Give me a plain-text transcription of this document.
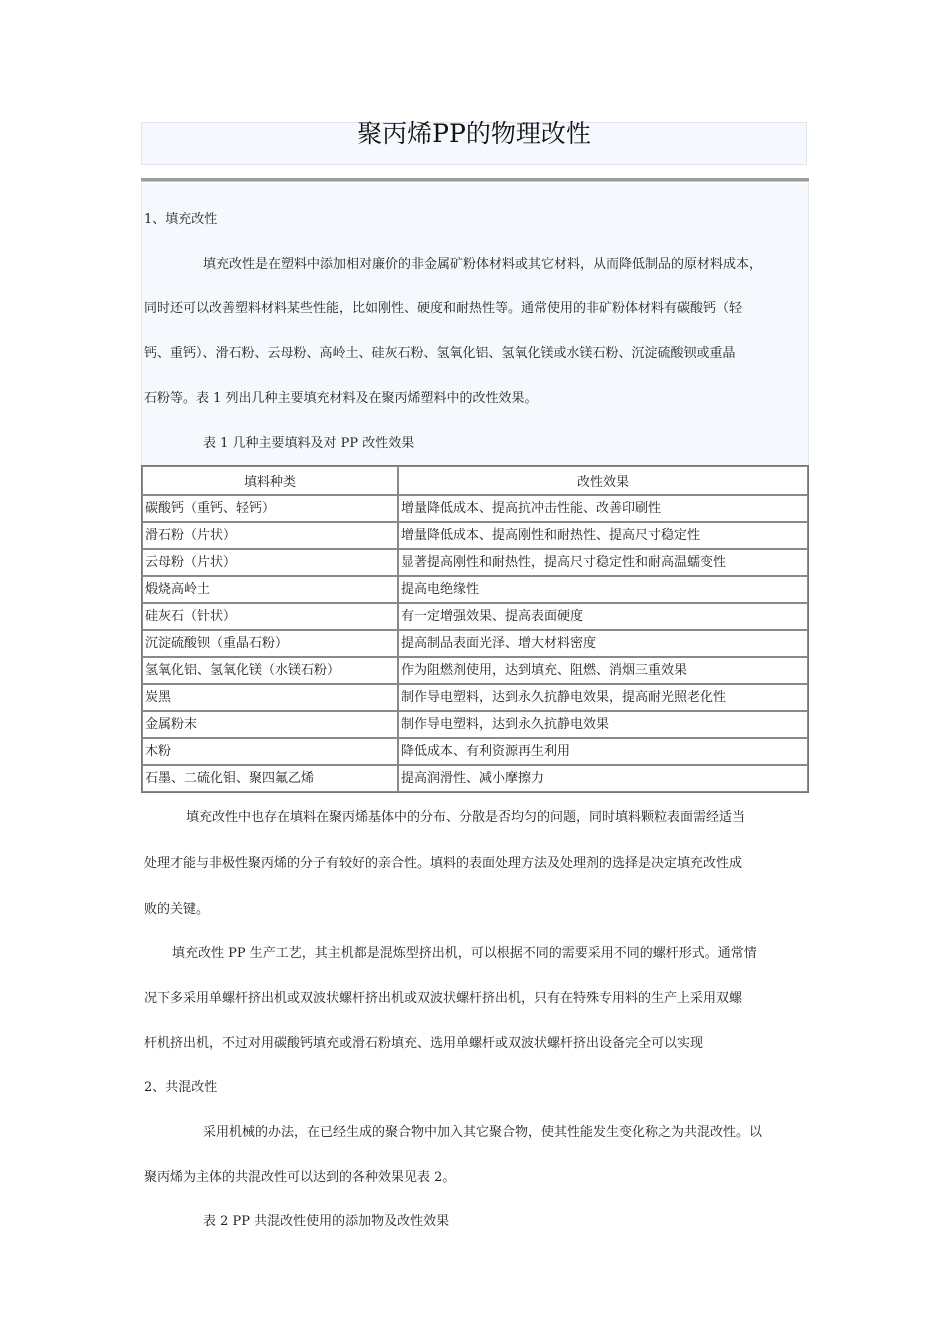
聚丙烯PP的物理改性
1、填充改性
填充改性是在塑料中添加相对廉价的非金属矿粉体材料或其它材料，从而降低制品的原材料成本，
同时还可以改善塑料材料某些性能，比如刚性、硬度和耐热性等。通常使用的非矿粉体材料有碳酸钙（轻
钙、重钙）、滑石粉、云母粉、高岭土、硅灰石粉、氢氧化铝、氢氧化镁或水镁石粉、沉淀硫酸钡或重晶
石粉等。表 1 列出几种主要填充材料及在聚丙烯塑料中的改性效果。
表 1 几种主要填料及对 PP 改性效果
填料种类	改性效果
碳酸钙（重钙、轻钙）	增量降低成本、提高抗冲击性能、改善印刷性
滑石粉（片状）	增量降低成本、提高刚性和耐热性、提高尺寸稳定性
云母粉（片状）	显著提高刚性和耐热性，提高尺寸稳定性和耐高温蠕变性
煅烧高岭土	提高电绝缘性
硅灰石（针状）	有一定增强效果、提高表面硬度
沉淀硫酸钡（重晶石粉）	提高制品表面光泽、增大材料密度
氢氧化铝、氢氧化镁（水镁石粉）	作为阻燃剂使用，达到填充、阻燃、消烟三重效果
炭黑	制作导电塑料，达到永久抗静电效果，提高耐光照老化性
金属粉末	制作导电塑料，达到永久抗静电效果
木粉	降低成本、有利资源再生利用
石墨、二硫化钼、聚四氟乙烯	提高润滑性、减小摩擦力
填充改性中也存在填料在聚丙烯基体中的分布、分散是否均匀的问题，同时填料颗粒表面需经适当
处理才能与非极性聚丙烯的分子有较好的亲合性。填料的表面处理方法及处理剂的选择是决定填充改性成
败的关键。
填充改性 PP 生产工艺，其主机都是混炼型挤出机，可以根据不同的需要采用不同的螺杆形式。通常情
况下多采用单螺杆挤出机或双波状螺杆挤出机或双波状螺杆挤出机，只有在特殊专用料的生产上采用双螺
杆机挤出机，不过对用碳酸钙填充或滑石粉填充、选用单螺杆或双波状螺杆挤出设备完全可以实现
2、共混改性
采用机械的办法，在已经生成的聚合物中加入其它聚合物，使其性能发生变化称之为共混改性。以
聚丙烯为主体的共混改性可以达到的各种效果见表 2。
表 2 PP 共混改性使用的添加物及改性效果
